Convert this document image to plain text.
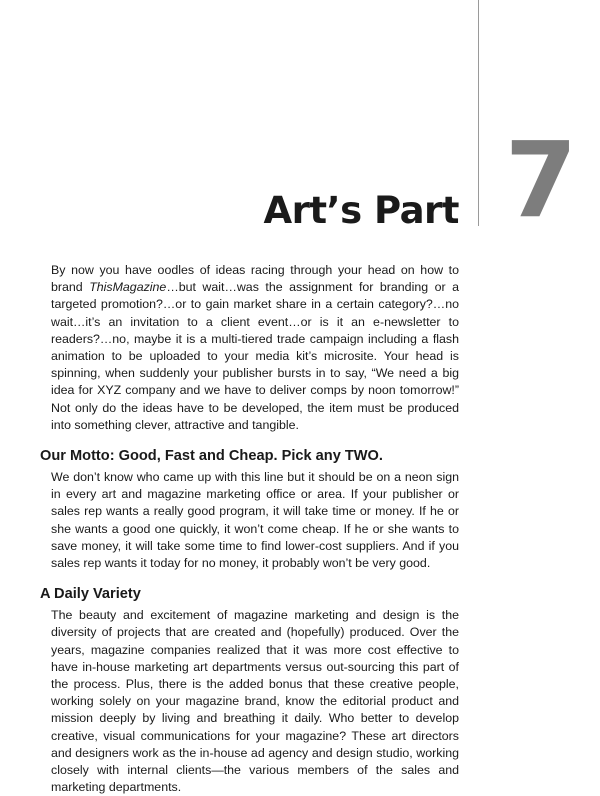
7
Art’s Part

By now you have oodles of ideas racing through your head on how to brand ThisMagazine…but wait…was the assignment for branding or a targeted promotion?…or to gain market share in a certain category?…no wait…it’s an invitation to a client event…or is it an e-newsletter to readers?…no, maybe it is a multi-tiered trade campaign including a flash animation to be uploaded to your media kit’s microsite. Your head is spinning, when suddenly your publisher bursts in to say, “We need a big idea for XYZ company and we have to deliver comps by noon tomorrow!” Not only do the ideas have to be developed, the item must be produced into something clever, attractive and tangible.

Our Motto: Good, Fast and Cheap. Pick any TWO.

We don’t know who came up with this line but it should be on a neon sign in every art and magazine marketing office or area. If your publisher or sales rep wants a really good program, it will take time or money. If he or she wants a good one quickly, it won’t come cheap. If he or she wants to save money, it will take some time to find lower-cost suppliers. And if you sales rep wants it today for no money, it probably won’t be very good.

A Daily Variety

The beauty and excitement of magazine marketing and design is the diversity of projects that are created and (hopefully) produced. Over the years, magazine companies realized that it was more cost effective to have in-house marketing art departments versus out-sourcing this part of the process. Plus, there is the added bonus that these creative people, working solely on your magazine brand, know the editorial product and mission deeply by living and breathing it daily. Who better to develop creative, visual communications for your magazine? These art directors and designers work as the in-house ad agency and design studio, working closely with internal clients—the various members of the sales and marketing departments.
